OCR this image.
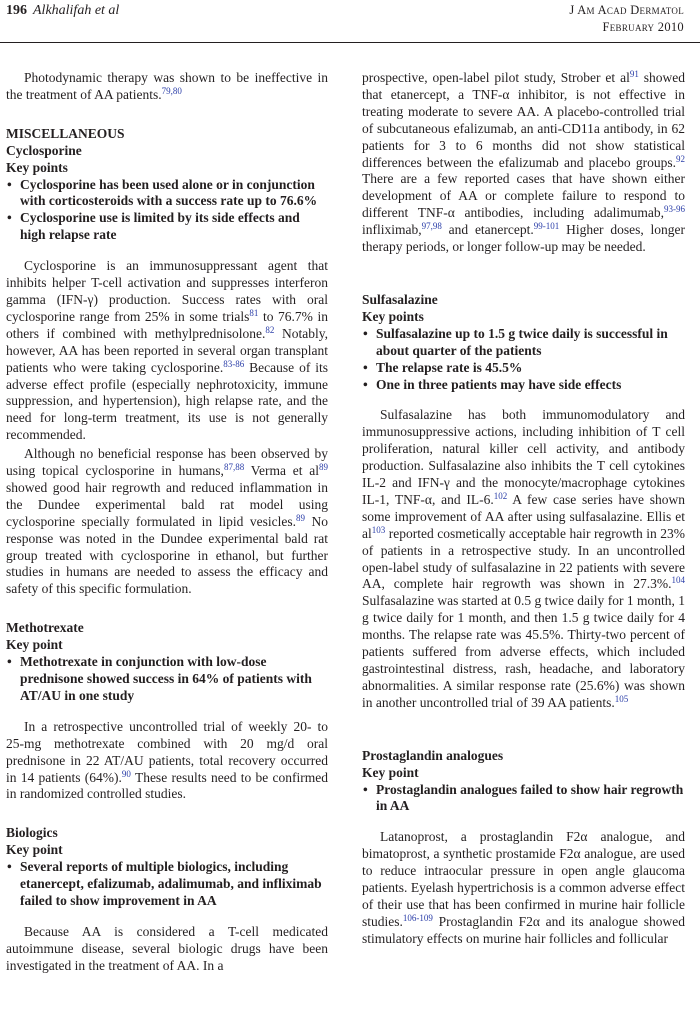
196 Alkhalifah et al	J Am Acad Dermatol
February 2010

Photodynamic therapy was shown to be ineffective in the treatment of AA patients.$^{79,80}$

MISCELLANEOUS
Cyclosporine
Key points
• Cyclosporine has been used alone or in conjunction with corticosteroids with a success rate up to 76.6%
• Cyclosporine use is limited by its side effects and high relapse rate

Cyclosporine is an immunosuppressant agent that inhibits helper T-cell activation and suppresses interferon gamma (IFN-γ) production. Success rates with oral cyclosporine range from 25% in some trials$^{81}$ to 76.7% in others if combined with methylprednisolone.$^{82}$ Notably, however, AA has been reported in several organ transplant patients who were taking cyclosporine.$^{83-86}$ Because of its adverse effect profile (especially nephrotoxicity, immune suppression, and hypertension), high relapse rate, and the need for long-term treatment, its use is not generally recommended.

Although no beneficial response has been observed by using topical cyclosporine in humans,$^{87,88}$ Verma et $al^{89}$ showed good hair regrowth and reduced inflammation in the Dundee experimental bald rat model using cyclosporine specially formulated in lipid vesicles.$^{89}$ No response was noted in the Dundee experimental bald rat group treated with cyclosporine in ethanol, but further studies in humans are needed to assess the efficacy and safety of this specific formulation.

Methotrexate
Key point
• Methotrexate in conjunction with low-dose prednisone showed success in 64% of patients with AT/AU in one study

In a retrospective uncontrolled trial of weekly 20- to 25-mg methotrexate combined with 20 mg/d oral prednisone in 22 AT/AU patients, total recovery occurred in 14 patients (64%).$^{90}$ These results need to be confirmed in randomized controlled studies.

Biologics
Key point
• Several reports of multiple biologics, including etanercept, efalizumab, adalimumab, and infliximab failed to show improvement in AA

Because AA is considered a T-cell medicated autoimmune disease, several biologic drugs have been investigated in the treatment of AA. In a

prospective, open-label pilot study, Strober et $al^{91}$ showed that etanercept, a TNF-α inhibitor, is not effective in treating moderate to severe AA. A placebo-controlled trial of subcutaneous efalizumab, an anti-CD11a antibody, in 62 patients for 3 to 6 months did not show statistical differences between the efalizumab and placebo groups.$^{92}$ There are a few reported cases that have shown either development of AA or complete failure to respond to different TNF-α antibodies, including adalimumab,$^{93-96}$ infliximab,$^{97,98}$ and etanercept.$^{99-101}$ Higher doses, longer therapy periods, or longer follow-up may be needed.

Sulfasalazine
Key points
• Sulfasalazine up to 1.5 g twice daily is successful in about quarter of the patients
• The relapse rate is 45.5%
• One in three patients may have side effects

Sulfasalazine has both immunomodulatory and immunosuppressive actions, including inhibition of T cell proliferation, natural killer cell activity, and antibody production. Sulfasalazine also inhibits the T cell cytokines IL-2 and IFN-γ and the monocyte/macrophage cytokines IL-1, TNF-α, and IL-6.$^{102}$ A few case series have shown some improvement of AA after using sulfasalazine. Ellis et $al^{103}$ reported cosmetically acceptable hair regrowth in 23% of patients in a retrospective study. In an uncontrolled open-label study of sulfasalazine in 22 patients with severe AA, complete hair regrowth was shown in 27.3%.$^{104}$ Sulfasalazine was started at 0.5 g twice daily for 1 month, 1 g twice daily for 1 month, and then 1.5 g twice daily for 4 months. The relapse rate was 45.5%. Thirty-two percent of patients suffered from adverse effects, which included gastrointestinal distress, rash, headache, and laboratory abnormalities. A similar response rate (25.6%) was shown in another uncontrolled trial of 39 AA patients.$^{105}$

Prostaglandin analogues
Key point
• Prostaglandin analogues failed to show hair regrowth in AA

Latanoprost, a prostaglandin F2α analogue, and bimatoprost, a synthetic prostamide F2α analogue, are used to reduce intraocular pressure in open angle glaucoma patients. Eyelash hypertrichosis is a common adverse effect of their use that has been confirmed in murine hair follicle studies.$^{106-109}$ Prostaglandin F2α and its analogue showed stimulatory effects on murine hair follicles and follicular
